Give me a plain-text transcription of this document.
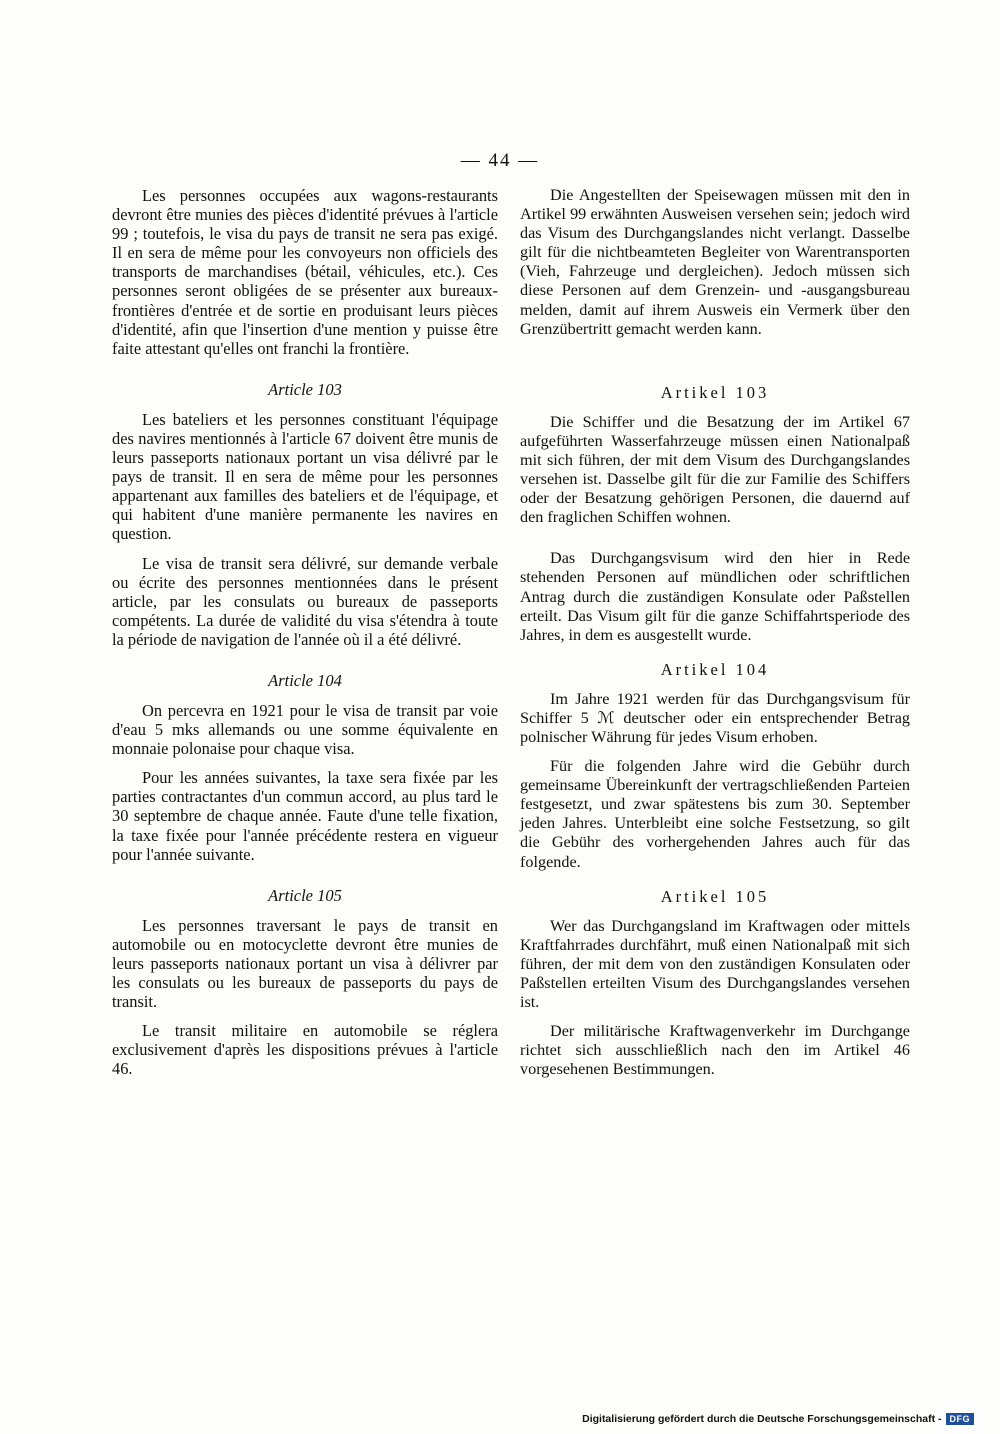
— 44 —

Les personnes occupées aux wagons-restaurants devront être munies des pièces d'identité prévues à l'article 99 ; toutefois, le visa du pays de transit ne sera pas exigé. Il en sera de même pour les convoyeurs non officiels des transports de marchandises (bétail, véhicules, etc.). Ces personnes seront obligées de se présenter aux bureaux-frontières d'entrée et de sortie en produisant leurs pièces d'identité, afin que l'insertion d'une mention y puisse être faite attestant qu'elles ont franchi la frontière.

Article 103

Les bateliers et les personnes constituant l'équipage des navires mentionnés à l'article 67 doivent être munis de leurs passeports nationaux portant un visa délivré par le pays de transit. Il en sera de même pour les personnes appartenant aux familles des bateliers et de l'équipage, et qui habitent d'une manière permanente les navires en question.

Le visa de transit sera délivré, sur demande verbale ou écrite des personnes mentionnées dans le présent article, par les consulats ou bureaux de passeports compétents. La durée de validité du visa s'étendra à toute la période de navigation de l'année où il a été délivré.

Article 104

On percevra en 1921 pour le visa de transit par voie d'eau 5 mks allemands ou une somme équivalente en monnaie polonaise pour chaque visa.

Pour les années suivantes, la taxe sera fixée par les parties contractantes d'un commun accord, au plus tard le 30 septembre de chaque année. Faute d'une telle fixation, la taxe fixée pour l'année précédente restera en vigueur pour l'année suivante.

Article 105

Les personnes traversant le pays de transit en automobile ou en motocyclette devront être munies de leurs passeports nationaux portant un visa à délivrer par les consulats ou les bureaux de passeports du pays de transit.

Le transit militaire en automobile se réglera exclusivement d'après les dispositions prévues à l'article 46.

Die Angestellten der Speisewagen müssen mit den in Artikel 99 erwähnten Ausweisen versehen sein; jedoch wird das Visum des Durchgangslandes nicht verlangt. Dasselbe gilt für die nichtbeamteten Begleiter von Warentransporten (Vieh, Fahrzeuge und dergleichen). Jedoch müssen sich diese Personen auf dem Grenzein- und -ausgangsbureau melden, damit auf ihrem Ausweis ein Vermerk über den Grenzübertritt gemacht werden kann.

Artikel 103

Die Schiffer und die Besatzung der im Artikel 67 aufgeführten Wasserfahrzeuge müssen einen Nationalpaß mit sich führen, der mit dem Visum des Durchgangslandes versehen ist. Dasselbe gilt für die zur Familie des Schiffers oder der Besatzung gehörigen Personen, die dauernd auf den fraglichen Schiffen wohnen.

Das Durchgangsvisum wird den hier in Rede stehenden Personen auf mündlichen oder schriftlichen Antrag durch die zuständigen Konsulate oder Paßstellen erteilt. Das Visum gilt für die ganze Schiffahrtsperiode des Jahres, in dem es ausgestellt wurde.

Artikel 104

Im Jahre 1921 werden für das Durchgangsvisum für Schiffer 5 ℳ deutscher oder ein entsprechender Betrag polnischer Währung für jedes Visum erhoben.

Für die folgenden Jahre wird die Gebühr durch gemeinsame Übereinkunft der vertragschließenden Parteien festgesetzt, und zwar spätestens bis zum 30. September jeden Jahres. Unterbleibt eine solche Festsetzung, so gilt die Gebühr des vorhergehenden Jahres auch für das folgende.

Artikel 105

Wer das Durchgangsland im Kraftwagen oder mittels Kraftfahrrades durchfährt, muß einen Nationalpaß mit sich führen, der mit dem von den zuständigen Konsulaten oder Paßstellen erteilten Visum des Durchgangslandes versehen ist.

Der militärische Kraftwagenverkehr im Durchgange richtet sich ausschließlich nach den im Artikel 46 vorgesehenen Bestimmungen.

Digitalisierung gefördert durch die Deutsche Forschungsgemeinschaft - DFG
